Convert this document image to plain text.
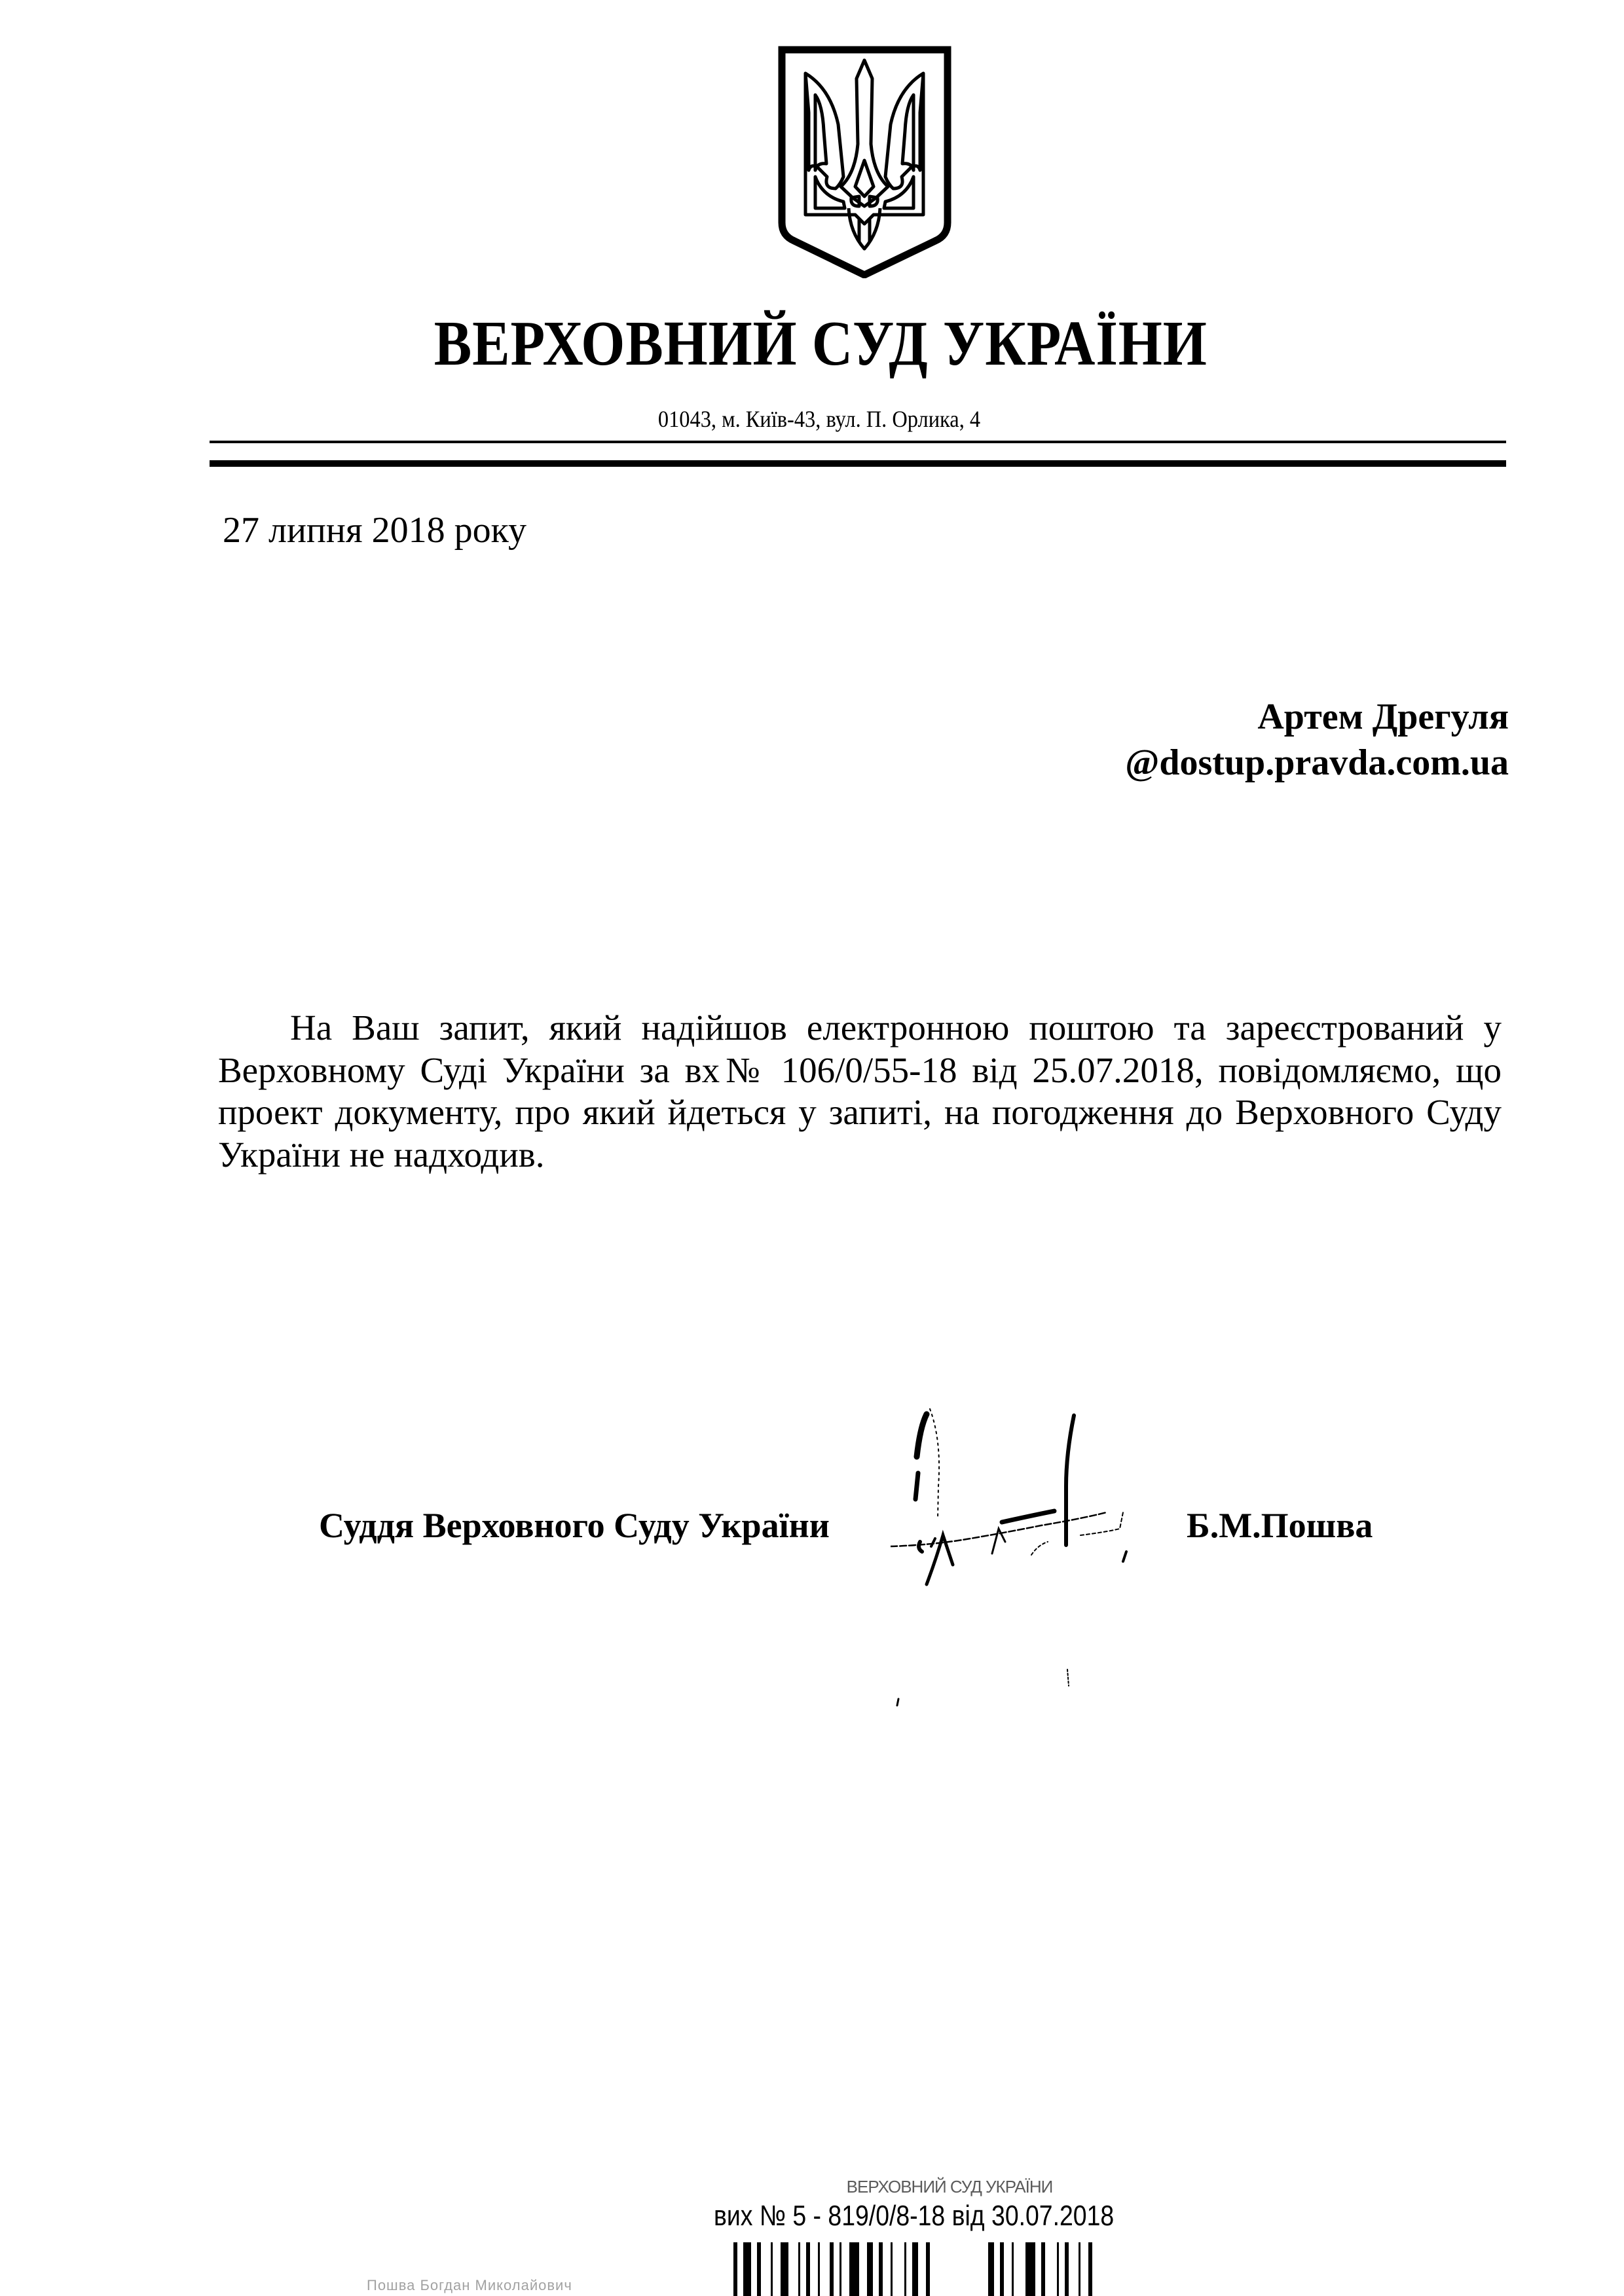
ВЕРХОВНИЙ СУД УКРАЇНИ
01043, м. Київ-43, вул. П. Орлика, 4
27 липня 2018 року
Артем Дрегуля
@dostup.pravda.com.ua
На Ваш запит, який надійшов електронною поштою та зареєстрований у Верховному Суді України за вх№ 106/0/55-18 від 25.07.2018, повідомляємо, що проект документу, про який йдеться у запиті, на погодження до Верховного Суду України не надходив.
Суддя Верховного Суду України	Б.М.Пошва
ВЕРХОВНИЙ СУД УКРАЇНИ
вих № 5 - 819/0/8-18 від 30.07.2018
Пошва Богдан Миколайович
